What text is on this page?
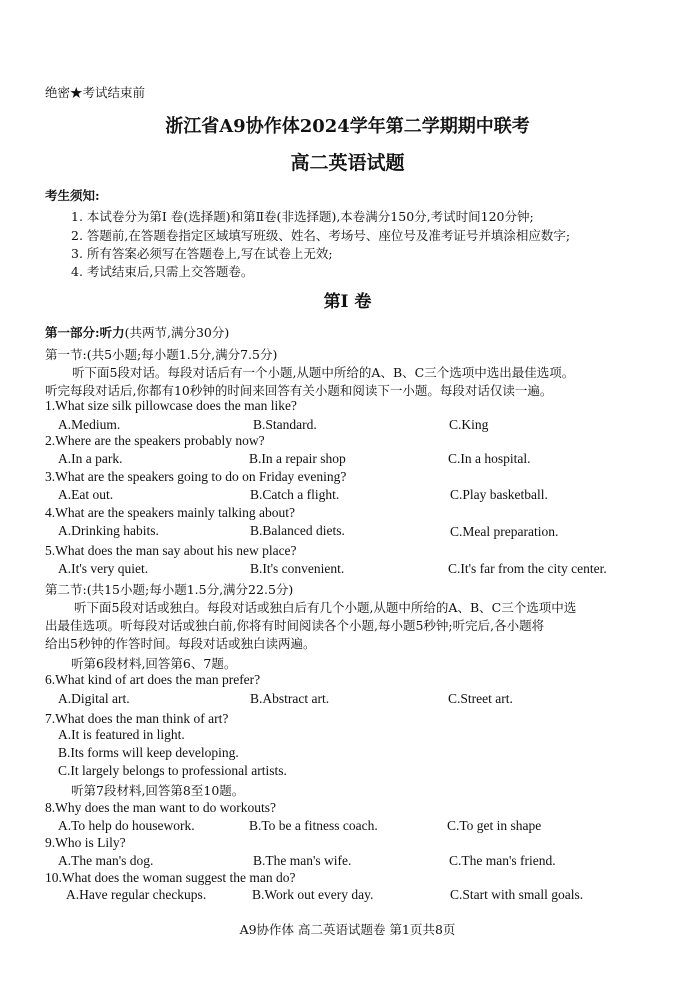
绝密★考试结束前
浙江省A9协作体2024学年第二学期期中联考
高二英语试题
考生须知:
1. 本试卷分为第I 卷(选择题)和第Ⅱ卷(非选择题),本卷满分150分,考试时间120分钟;
2. 答题前,在答题卷指定区域填写班级、姓名、考场号、座位号及准考证号并填涂相应数字;
3. 所有答案必须写在答题卷上,写在试卷上无效;
4. 考试结束后,只需上交答题卷。
第I 卷
第一部分:听力(共两节,满分30分)
第一节:(共5小题;每小题1.5分,满分7.5分)
听下面5段对话。每段对话后有一个小题,从题中所给的A、B、C三个选项中选出最佳选项。
听完每段对话后,你都有10秒钟的时间来回答有关小题和阅读下一小题。每段对话仅读一遍。
1.What size silk pillowcase does the man like?
A.Medium.	B.Standard.	C.King
2.Where are the speakers probably now?
A.In a park.	B.In a repair shop	C.In a hospital.
3.What are the speakers going to do on Friday evening?
A.Eat out.	B.Catch a flight.	C.Play basketball.
4.What are the speakers mainly talking about?
A.Drinking habits.	B.Balanced diets.	C.Meal preparation.
5.What does the man say about his new place?
A.It's very quiet.	B.It's convenient.	C.It's far from the city center.
第二节:(共15小题;每小题1.5分,满分22.5分)
听下面5段对话或独白。每段对话或独白后有几个小题,从题中所给的A、B、C三个选项中选
出最佳选项。听每段对话或独白前,你将有时间阅读各个小题,每小题5秒钟;听完后,各小题将
给出5秒钟的作答时间。每段对话或独白读两遍。
听第6段材料,回答第6、7题。
6.What kind of art does the man prefer?
A.Digital art.	B.Abstract art.	C.Street art.
7.What does the man think of art?
A.It is featured in light.
B.Its forms will keep developing.
C.It largely belongs to professional artists.
听第7段材料,回答第8至10题。
8.Why does the man want to do workouts?
A.To help do housework.	B.To be a fitness coach.	C.To get in shape
9.Who is Lily?
A.The man's dog.	B.The man's wife.	C.The man's friend.
10.What does the woman suggest the man do?
A.Have regular checkups.	B.Work out every day.	C.Start with small goals.
A9协作体 高二英语试题卷 第1页共8页
